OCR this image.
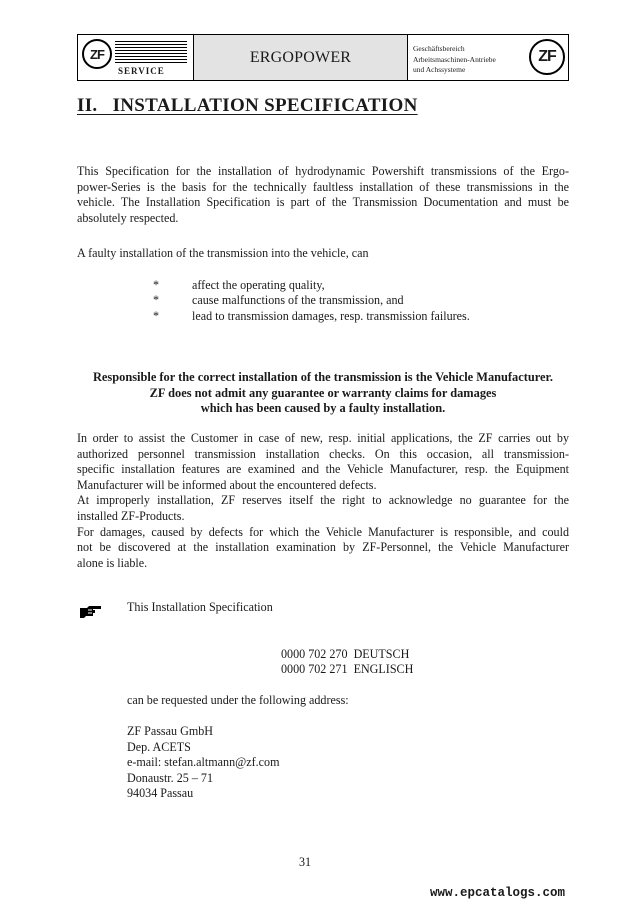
ZF
SERVICE
ERGOPOWER	Geschäftsbereich
Arbeitsmaschinen-Antriebe
und Achssysteme
ZF
II.   INSTALLATION SPECIFICATION
This Specification for the installation of hydrodynamic Powershift transmissions of the Ergo-
power-Series is the basis for the technically faultless installation of these transmissions in the
vehicle. The Installation Specification is part of the Transmission Documentation and must be
absolutely respected.
A faulty installation of the transmission into the vehicle, can
*	affect the operating quality,
*	cause malfunctions of the transmission, and
*	lead to transmission damages, resp. transmission failures.
Responsible for the correct installation of the transmission is the Vehicle Manufacturer.
ZF does not admit any guarantee or warranty claims for damages
which has been caused by a faulty installation.
In order to assist the Customer in case of new, resp. initial applications, the ZF carries out by
authorized personnel transmission installation checks. On this occasion, all transmission-
specific installation features are examined and the Vehicle Manufacturer, resp. the Equipment
Manufacturer will be informed about the encountered defects.
At improperly installation, ZF reserves itself the right to acknowledge no guarantee for the
installed ZF-Products.
For damages, caused by defects for which the Vehicle Manufacturer is responsible, and could
not be discovered at the installation examination by ZF-Personnel, the Vehicle Manufacturer
alone is liable.
This Installation Specification
0000 702 270  DEUTSCH
0000 702 271  ENGLISCH
can be requested under the following address:
ZF Passau GmbH
Dep. ACETS
e-mail: stefan.altmann@zf.com
Donaustr. 25 – 71
94034 Passau
31
www.epcatalogs.com
